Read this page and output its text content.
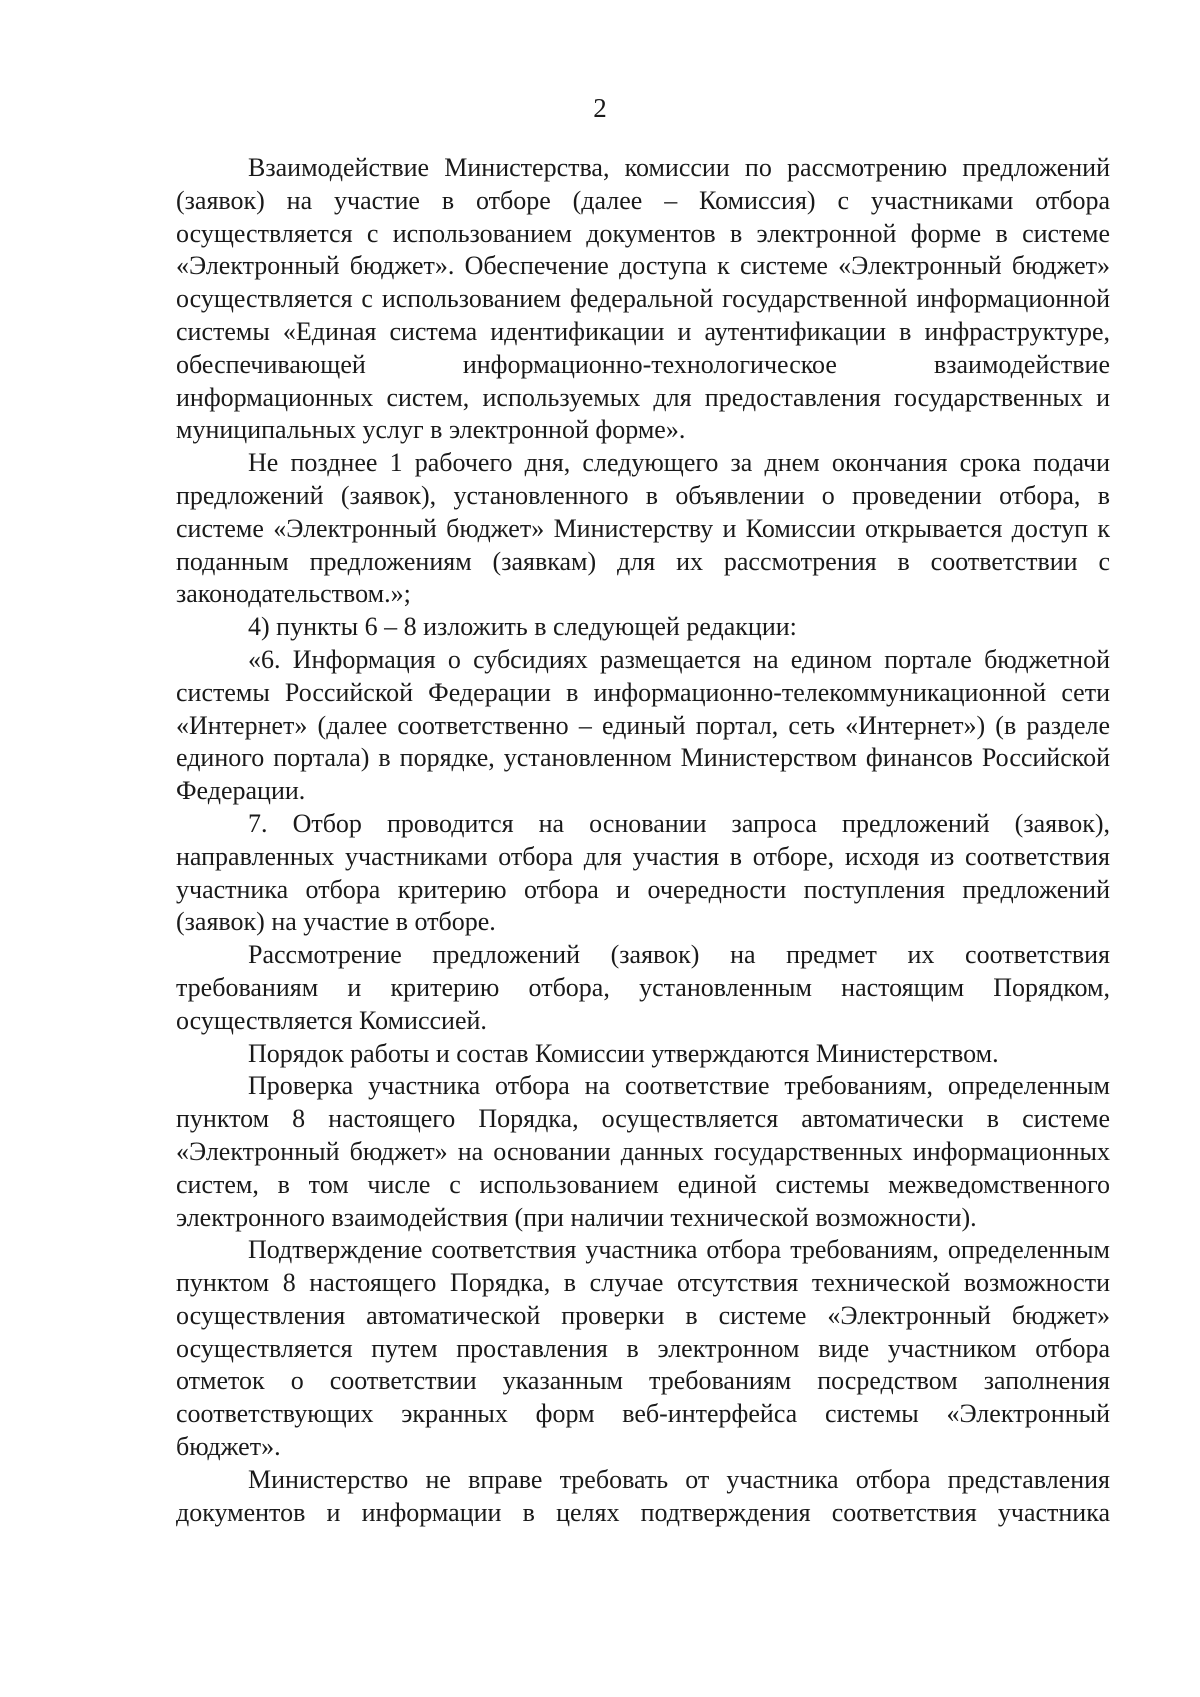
2

Взаимодействие Министерства, комиссии по рассмотрению предложений (заявок) на участие в отборе (далее – Комиссия) с участниками отбора осуществляется с использованием документов в электронной форме в системе «Электронный бюджет». Обеспечение доступа к системе «Электронный бюджет» осуществляется с использованием федеральной государственной информационной системы «Единая система идентификации и аутентификации в инфраструктуре, обеспечивающей информационно-технологическое взаимодействие информационных систем, используемых для предоставления государственных и муниципальных услуг в электронной форме».

Не позднее 1 рабочего дня, следующего за днем окончания срока подачи предложений (заявок), установленного в объявлении о проведении отбора, в системе «Электронный бюджет» Министерству и Комиссии открывается доступ к поданным предложениям (заявкам) для их рассмотрения в соответствии с законодательством.»;

4) пункты 6 – 8 изложить в следующей редакции:

«6. Информация о субсидиях размещается на едином портале бюджетной системы Российской Федерации в информационно-телекоммуникационной сети «Интернет» (далее соответственно – единый портал, сеть «Интернет») (в разделе единого портала) в порядке, установленном Министерством финансов Российской Федерации.

7. Отбор проводится на основании запроса предложений (заявок), направленных участниками отбора для участия в отборе, исходя из соответствия участника отбора критерию отбора и очередности поступления предложений (заявок) на участие в отборе.

Рассмотрение предложений (заявок) на предмет их соответствия требованиям и критерию отбора, установленным настоящим Порядком, осуществляется Комиссией.

Порядок работы и состав Комиссии утверждаются Министерством.

Проверка участника отбора на соответствие требованиям, определенным пунктом 8 настоящего Порядка, осуществляется автоматически в системе «Электронный бюджет» на основании данных государственных информационных систем, в том числе с использованием единой системы межведомственного электронного взаимодействия (при наличии технической возможности).

Подтверждение соответствия участника отбора требованиям, определенным пунктом 8 настоящего Порядка, в случае отсутствия технической возможности осуществления автоматической проверки в системе «Электронный бюджет» осуществляется путем проставления в электронном виде участником отбора отметок о соответствии указанным требованиям посредством заполнения соответствующих экранных форм веб-интерфейса системы «Электронный бюджет».

Министерство не вправе требовать от участника отбора представления документов и информации в целях подтверждения соответствия участника
